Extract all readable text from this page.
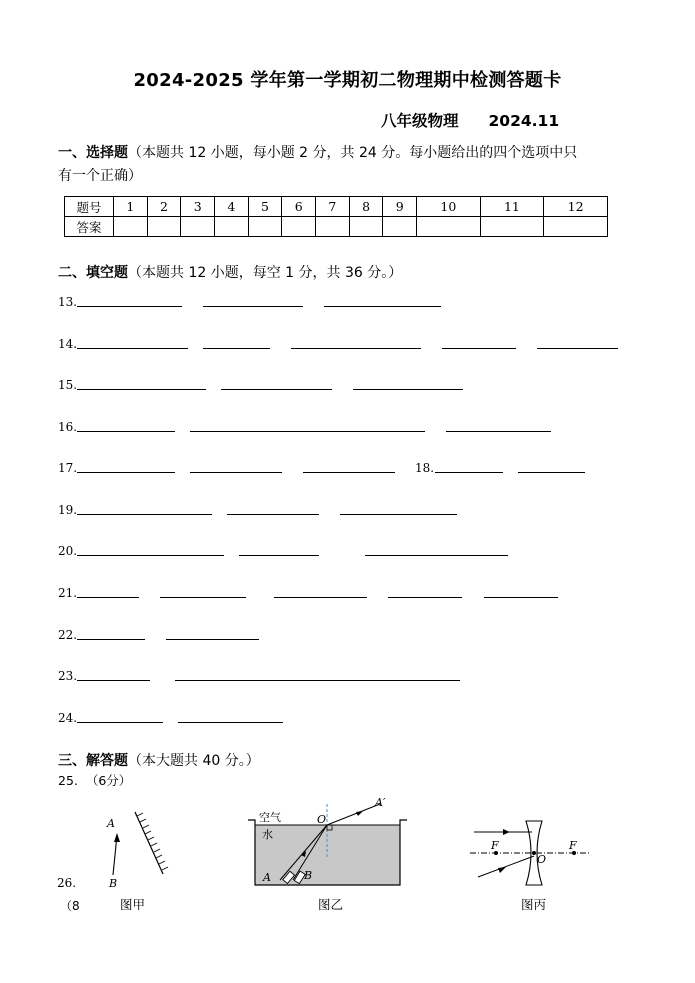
2024-2025 学年第一学期初二物理期中检测答题卡
八年级物理 2024.11
一、选择题（本题共 12 小题，每小题 2 分，共 24 分。每小题给出的四个选项中只
有一个正确）
题号	1	2	3	4	5	6	7	8	9	10	11	12
答案												
二、填空题（本题共 12 小题，每空 1 分，共 36 分。）
13.
14.
15.
16.
17.	18.
19.
20.
21.
22.
23.
24.
三、解答题（本大题共 40 分。）
25.  （6分）
26.
（8
A
B
图甲
空气
水
O
A′
A	B
图乙
F
O
F
图丙
